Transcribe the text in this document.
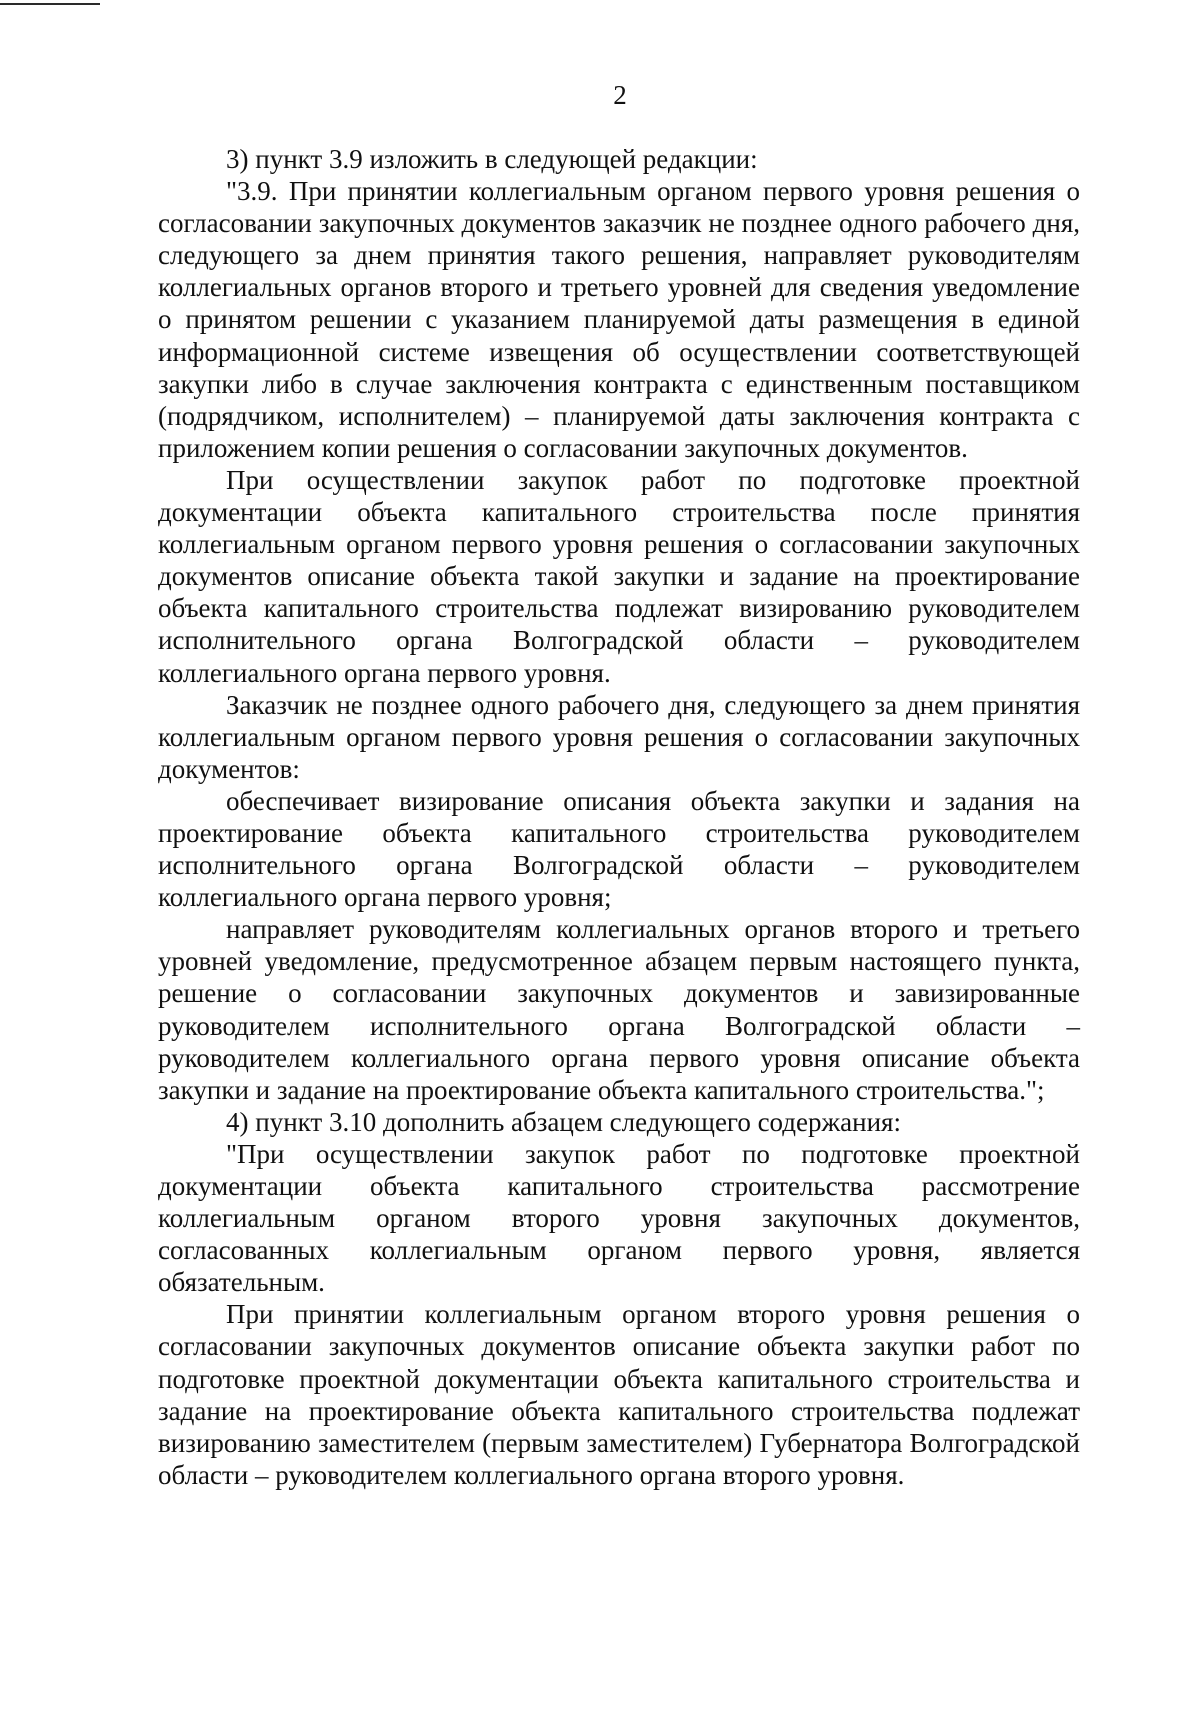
2

3) пункт 3.9 изложить в следующей редакции:

"3.9. При принятии коллегиальным органом первого уровня решения о согласовании закупочных документов заказчик не позднее одного рабочего дня, следующего за днем принятия такого решения, направляет руководителям коллегиальных органов второго и третьего уровней для сведения уведомление о принятом решении с указанием планируемой даты размещения в единой информационной системе извещения об осуществлении соответствующей закупки либо в случае заключения контракта с единственным поставщиком (подрядчиком, исполнителем) – планируемой даты заключения контракта с приложением копии решения о согласовании закупочных документов.

При осуществлении закупок работ по подготовке проектной документации объекта капитального строительства после принятия коллегиальным органом первого уровня решения о согласовании закупочных документов описание объекта такой закупки и задание на проектирование объекта капитального строительства подлежат визированию руководителем исполнительного органа Волгоградской области – руководителем коллегиального органа первого уровня.

Заказчик не позднее одного рабочего дня, следующего за днем принятия коллегиальным органом первого уровня решения о согласовании закупочных документов:

обеспечивает визирование описания объекта закупки и задания на проектирование объекта капитального строительства руководителем исполнительного органа Волгоградской области – руководителем коллегиального органа первого уровня;

направляет руководителям коллегиальных органов второго и третьего уровней уведомление, предусмотренное абзацем первым настоящего пункта, решение о согласовании закупочных документов и завизированные руководителем исполнительного органа Волгоградской области – руководителем коллегиального органа первого уровня описание объекта закупки и задание на проектирование объекта капитального строительства.";

4) пункт 3.10 дополнить абзацем следующего содержания:

"При осуществлении закупок работ по подготовке проектной документации объекта капитального строительства рассмотрение коллегиальным органом второго уровня закупочных документов, согласованных коллегиальным органом первого уровня, является обязательным.

При принятии коллегиальным органом второго уровня решения о согласовании закупочных документов описание объекта закупки работ по подготовке проектной документации объекта капитального строительства и задание на проектирование объекта капитального строительства подлежат визированию заместителем (первым заместителем) Губернатора Волгоградской области – руководителем коллегиального органа второго уровня.
